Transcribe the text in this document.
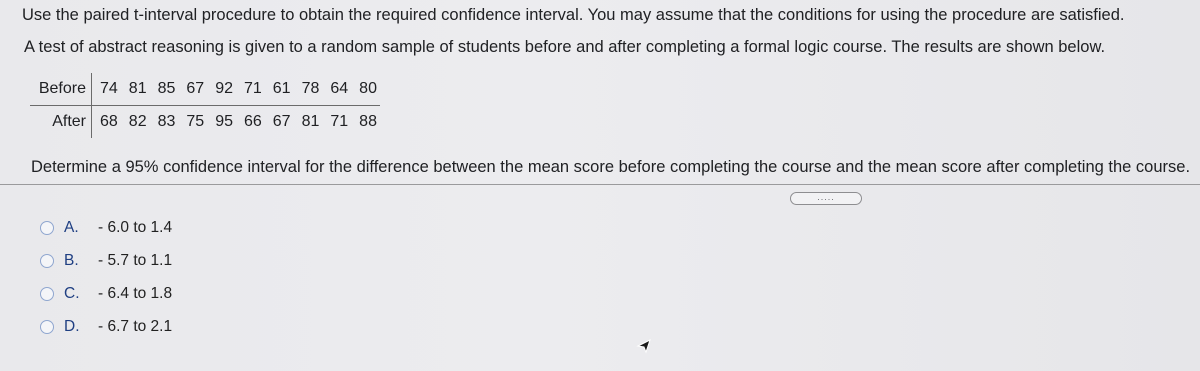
Use the paired t-interval procedure to obtain the required confidence interval. You may assume that the conditions for using the procedure are satisfied.
A test of abstract reasoning is given to a random sample of students before and after completing a formal logic course. The results are shown below.
Before	74	81	85	67	92	71	61	78	64	80
After	68	82	83	75	95	66	67	81	71	88
Determine a 95% confidence interval for the difference between the mean score before completing the course and the mean score after completing the course.
.....
A.	- 6.0 to 1.4
B.	- 5.7 to 1.1
C.	- 6.4 to 1.8
D.	- 6.7 to 2.1
